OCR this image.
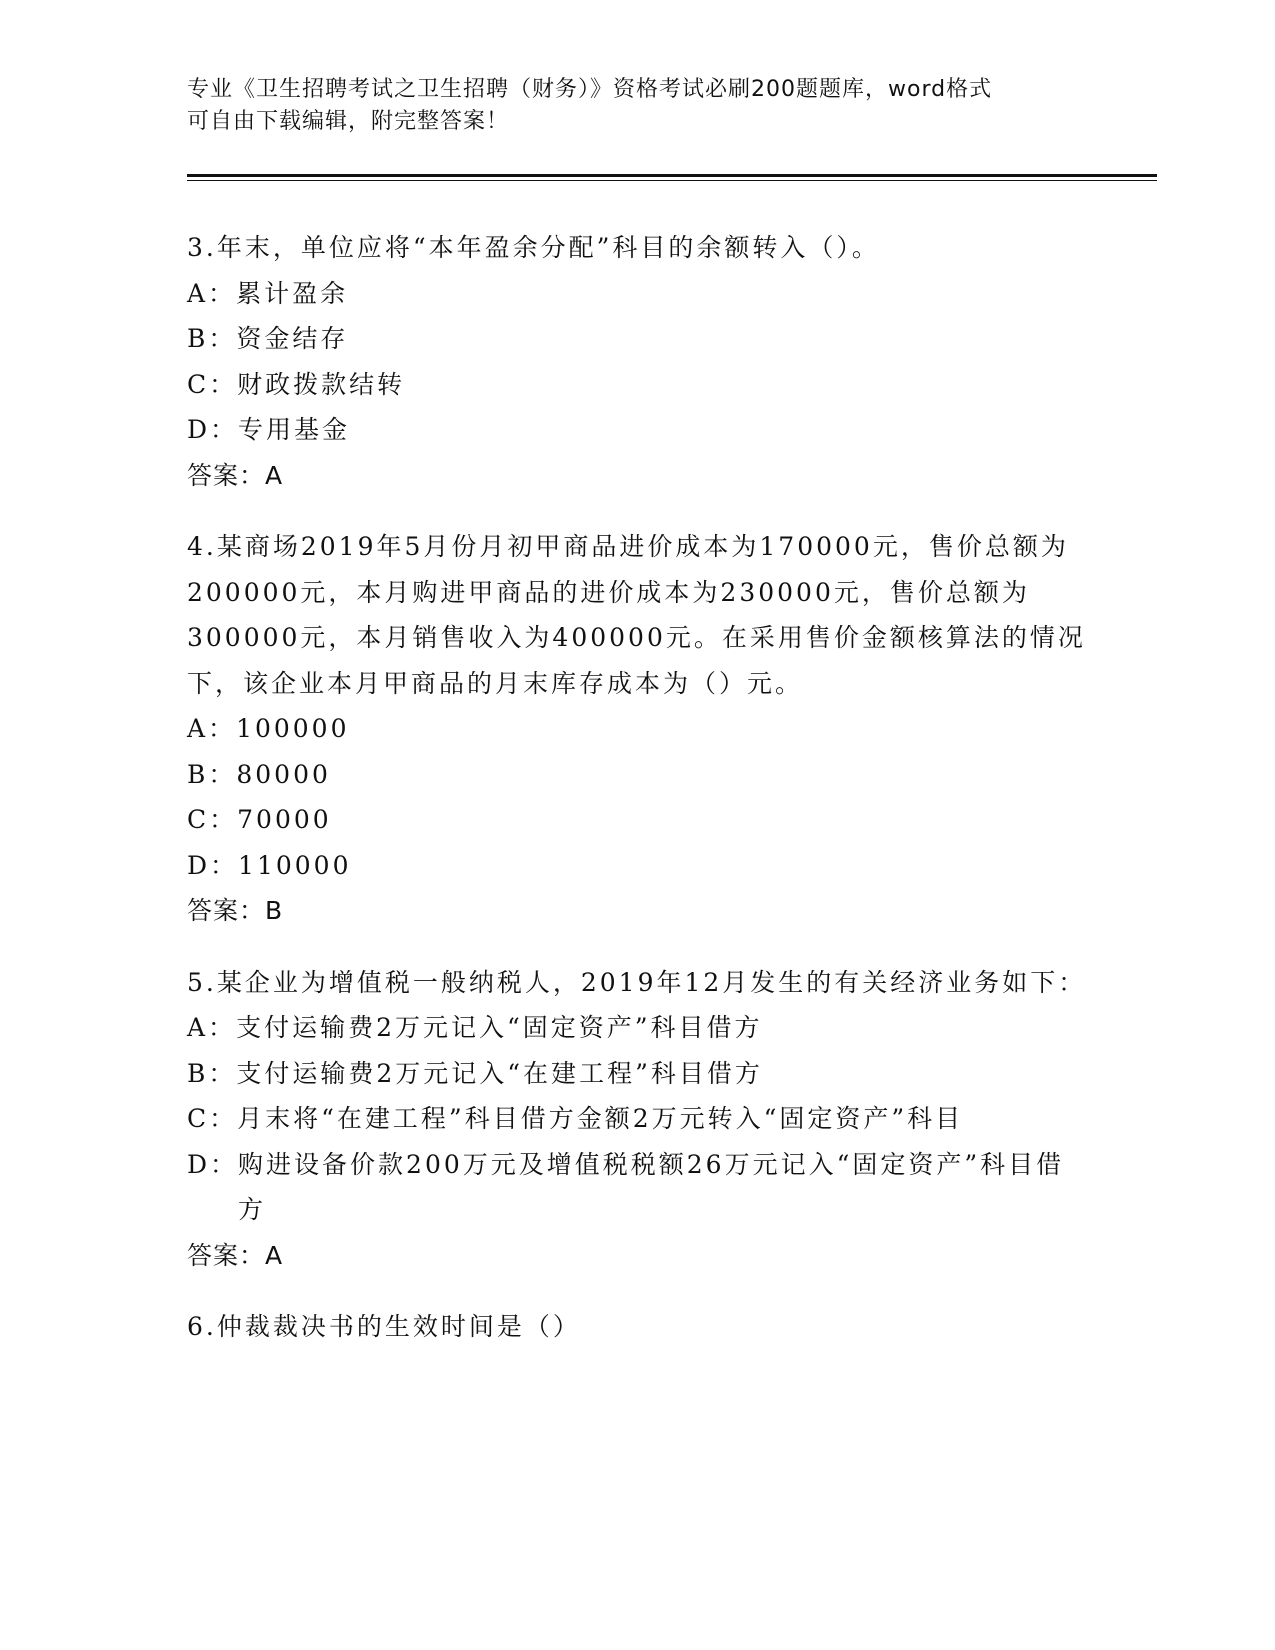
专业《卫生招聘考试之卫生招聘（财务）》资格考试必刷200题题库，word格式
可自由下载编辑，附完整答案！

3.年末，单位应将“本年盈余分配”科目的余额转入（）。

A： 累计盈余
B： 资金结存
C： 财政拨款结转
D： 专用基金

答案：A

4.某商场2019年5月份月初甲商品进价成本为170000元，售价总额为200000元，本月购进甲商品的进价成本为230000元，售价总额为300000元，本月销售收入为400000元。在采用售价金额核算法的情况下，该企业本月甲商品的月末库存成本为（）元。

A： 100000
B： 80000
C： 70000
D： 110000

答案：B

5.某企业为增值税一般纳税人，2019年12月发生的有关经济业务如下：

A： 支付运输费2万元记入“固定资产”科目借方
B： 支付运输费2万元记入“在建工程”科目借方
C： 月末将“在建工程”科目借方金额2万元转入“固定资产”科目
D： 购进设备价款200万元及增值税税额26万元记入“固定资产”科目借方

答案：A

6.仲裁裁决书的生效时间是（）
